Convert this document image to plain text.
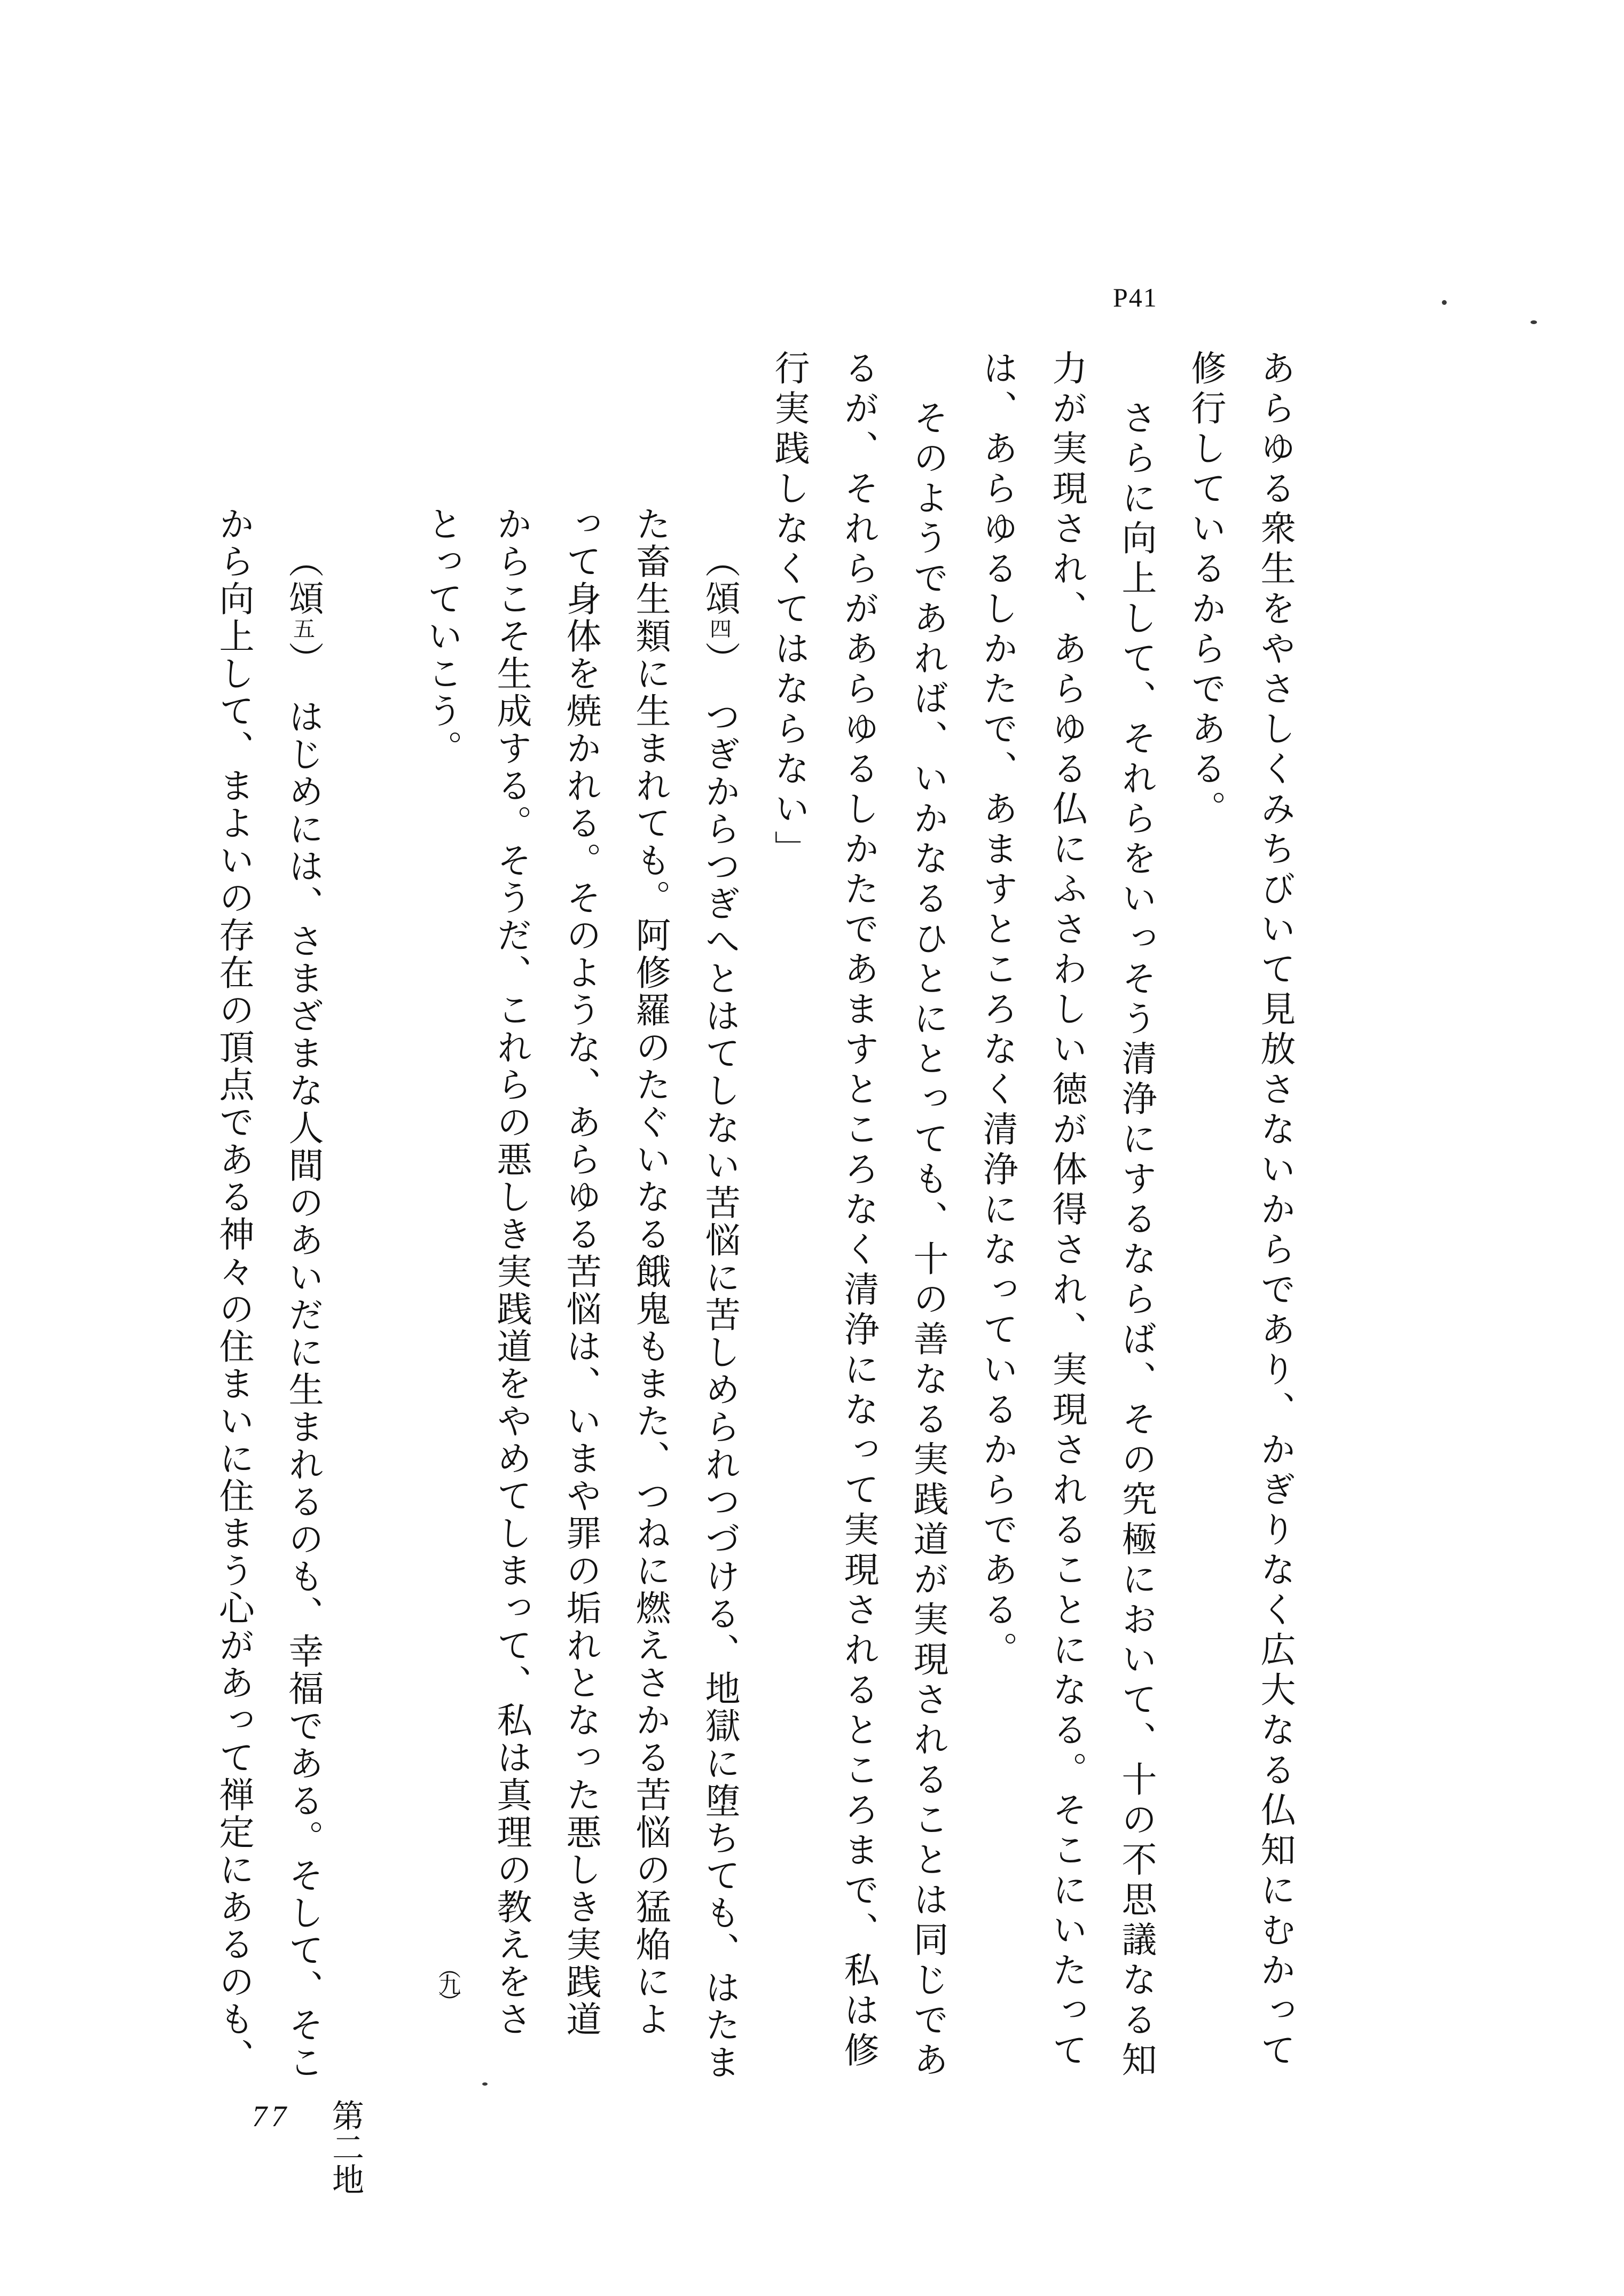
P41
あらゆる衆生をやさしくみちびいて見放さないからであり、かぎりなく広大なる仏知にむかって
修行しているからである。
さらに向上して、それらをいっそう清浄にするならば、その究極において、十の不思議なる知
力が実現され、あらゆる仏にふさわしい徳が体得され、実現されることになる。そこにいたって
は、あらゆるしかたで、あますところなく清浄になっているからである。
そのようであれば、いかなるひとにとっても、十の善なる実践道が実現されることは同じであ
るが、それらがあらゆるしかたであますところなく清浄になって実現されるところまで、私は修
行実践しなくてはならない」
（頌四）　つぎからつぎへとはてしない苦悩に苦しめられつづける、地獄に堕ちても、はたま
た畜生類に生まれても。阿修羅のたぐいなる餓鬼もまた、つねに燃えさかる苦悩の猛焔によ
って身体を焼かれる。そのような、あらゆる苦悩は、いまや罪の垢れとなった悪しき実践道
からこそ生成する。そうだ、これらの悪しき実践道をやめてしまって、私は真理の教えをさ
とっていこう。
（頌五）　はじめには、さまざまな人間のあいだに生まれるのも、幸福である。そして、そこ
から向上して、まよいの存在の頂点である神々の住まいに住まう心があって禅定にあるのも、	（九）
77 第二地
